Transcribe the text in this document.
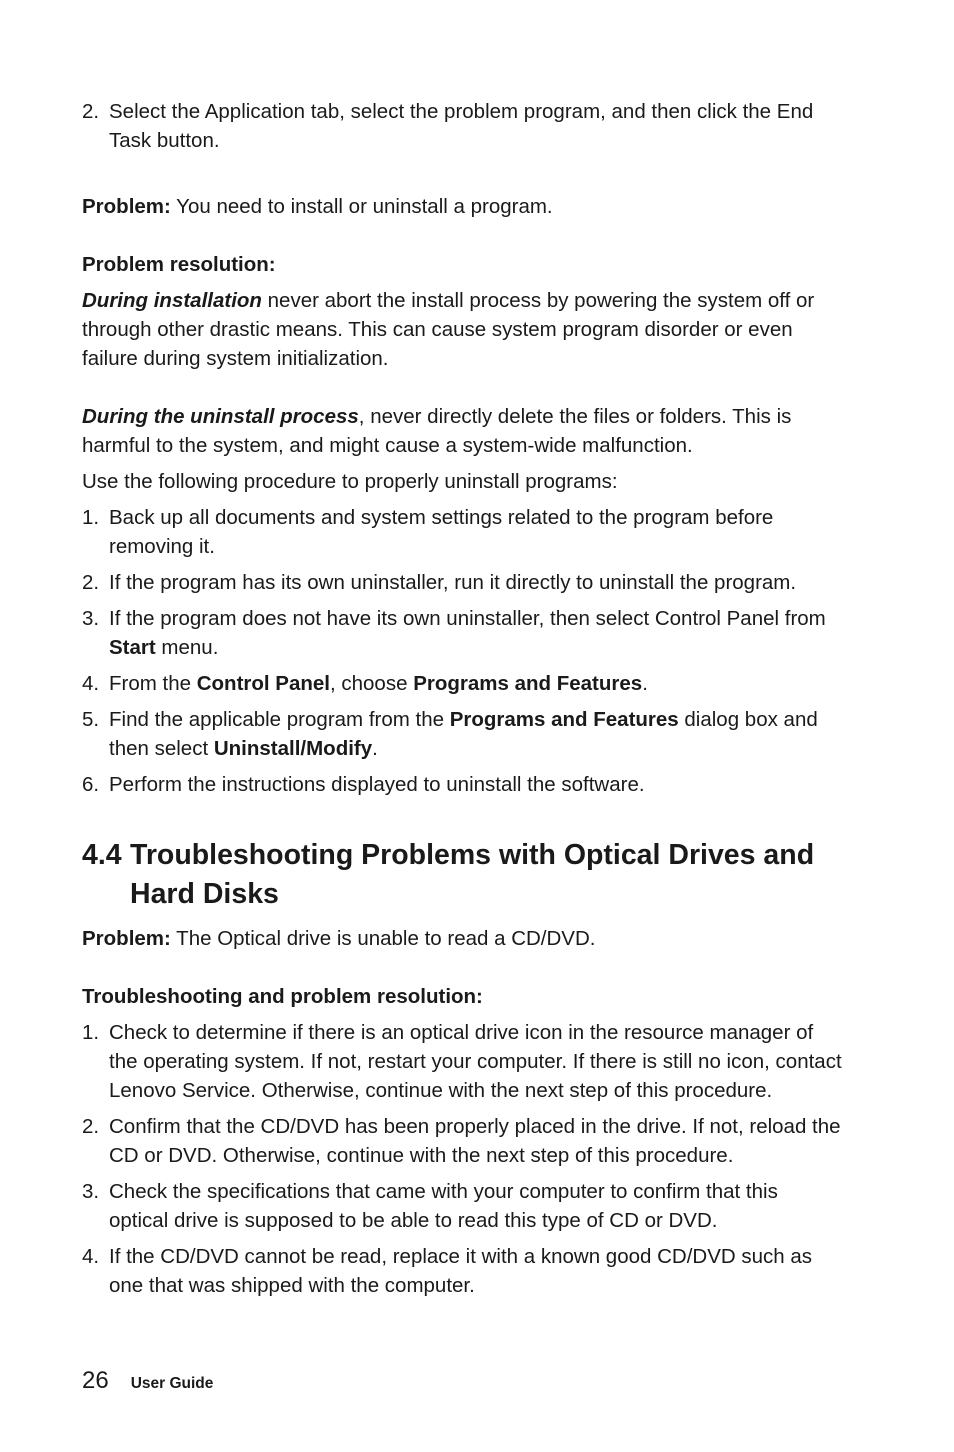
2. Select the Application tab, select the problem program, and then click the End Task button.

Problem: You need to install or uninstall a program.

Problem resolution:

During installation never abort the install process by powering the system off or through other drastic means. This can cause system program disorder or even failure during system initialization.

During the uninstall process, never directly delete the files or folders. This is harmful to the system, and might cause a system-wide malfunction.

Use the following procedure to properly uninstall programs:

1. Back up all documents and system settings related to the program before removing it.
2. If the program has its own uninstaller, run it directly to uninstall the program.
3. If the program does not have its own uninstaller, then select Control Panel from Start menu.
4. From the Control Panel, choose Programs and Features.
5. Find the applicable program from the Programs and Features dialog box and then select Uninstall/Modify.
6. Perform the instructions displayed to uninstall the software.
4.4 Troubleshooting Problems with Optical Drives and Hard Disks

Problem: The Optical drive is unable to read a CD/DVD.

Troubleshooting and problem resolution:

1. Check to determine if there is an optical drive icon in the resource manager of the operating system. If not, restart your computer. If there is still no icon, contact Lenovo Service. Otherwise, continue with the next step of this procedure.
2. Confirm that the CD/DVD has been properly placed in the drive. If not, reload the CD or DVD. Otherwise, continue with the next step of this procedure.
3. Check the specifications that came with your computer to confirm that this optical drive is supposed to be able to read this type of CD or DVD.
4. If the CD/DVD cannot be read, replace it with a known good CD/DVD such as one that was shipped with the computer.
26 User Guide
